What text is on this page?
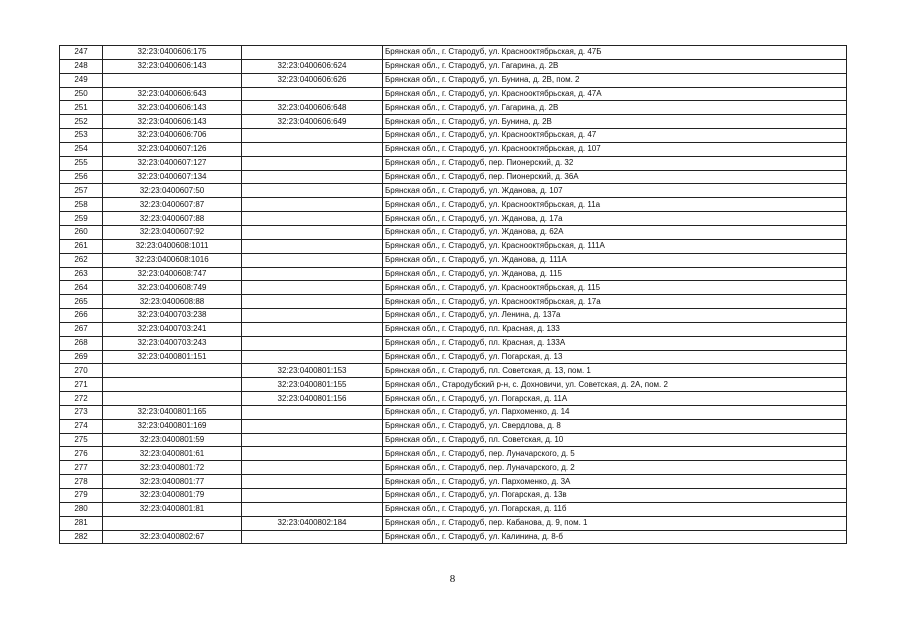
247	32:23:0400606:175		Брянская обл., г. Стародуб, ул. Краснооктябрьская, д. 47Б
248	32:23:0400606:143	32:23:0400606:624	Брянская обл., г. Стародуб, ул. Гагарина, д. 2В
249		32:23:0400606:626	Брянская обл., г. Стародуб, ул. Бунина, д. 2В, пом. 2
250	32:23:0400606:643		Брянская обл., г. Стародуб, ул. Краснооктябрьская, д. 47А
251	32:23:0400606:143	32:23:0400606:648	Брянская обл., г. Стародуб, ул. Гагарина, д. 2В
252	32:23:0400606:143	32:23:0400606:649	Брянская обл., г. Стародуб, ул. Бунина, д. 2В
253	32:23:0400606:706		Брянская обл., г. Стародуб, ул. Краснооктябрьская, д. 47
254	32:23:0400607:126		Брянская обл., г. Стародуб, ул. Краснооктябрьская, д. 107
255	32:23:0400607:127		Брянская обл., г. Стародуб, пер. Пионерский, д. 32
256	32:23:0400607:134		Брянская обл., г. Стародуб, пер. Пионерский, д. 36А
257	32:23:0400607:50		Брянская обл., г. Стародуб, ул. Жданова, д. 107
258	32:23:0400607:87		Брянская обл., г. Стародуб, ул. Краснооктябрьская, д. 11а
259	32:23:0400607:88		Брянская обл., г. Стародуб, ул. Жданова, д. 17а
260	32:23:0400607:92		Брянская обл., г. Стародуб, ул. Жданова, д. 62А
261	32:23:0400608:1011		Брянская обл., г. Стародуб, ул. Краснооктябрьская, д. 111А
262	32:23:0400608:1016		Брянская обл., г. Стародуб, ул. Жданова, д. 111А
263	32:23:0400608:747		Брянская обл., г. Стародуб, ул. Жданова, д. 115
264	32:23:0400608:749		Брянская обл., г. Стародуб, ул. Краснооктябрьская, д. 115
265	32:23:0400608:88		Брянская обл., г. Стародуб, ул. Краснооктябрьская, д. 17а
266	32:23:0400703:238		Брянская обл., г. Стародуб, ул. Ленина, д. 137а
267	32:23:0400703:241		Брянская обл., г. Стародуб, пл. Красная, д. 133
268	32:23:0400703:243		Брянская обл., г. Стародуб, пл. Красная, д. 133А
269	32:23:0400801:151		Брянская обл., г. Стародуб, ул. Погарская, д. 13
270		32:23:0400801:153	Брянская обл., г. Стародуб, пл. Советская, д. 13, пом. 1
271		32:23:0400801:155	Брянская обл., Стародубский р-н, с. Дохновичи, ул. Советская, д. 2А, пом. 2
272		32:23:0400801:156	Брянская обл., г. Стародуб, ул. Погарская, д. 11А
273	32:23:0400801:165		Брянская обл., г. Стародуб, ул. Пархоменко, д. 14
274	32:23:0400801:169		Брянская обл., г. Стародуб, ул. Свердлова, д. 8
275	32:23:0400801:59		Брянская обл., г. Стародуб, пл. Советская, д. 10
276	32:23:0400801:61		Брянская обл., г. Стародуб, пер. Луначарского, д. 5
277	32:23:0400801:72		Брянская обл., г. Стародуб, пер. Луначарского, д. 2
278	32:23:0400801:77		Брянская обл., г. Стародуб, ул. Пархоменко, д. 3А
279	32:23:0400801:79		Брянская обл., г. Стародуб, ул. Погарская, д. 13в
280	32:23:0400801:81		Брянская обл., г. Стародуб, ул. Погарская, д. 11б
281		32:23:0400802:184	Брянская обл., г. Стародуб, пер. Кабанова, д. 9, пом. 1
282	32:23:0400802:67		Брянская обл., г. Стародуб, ул. Калинина, д. 8-б
8
